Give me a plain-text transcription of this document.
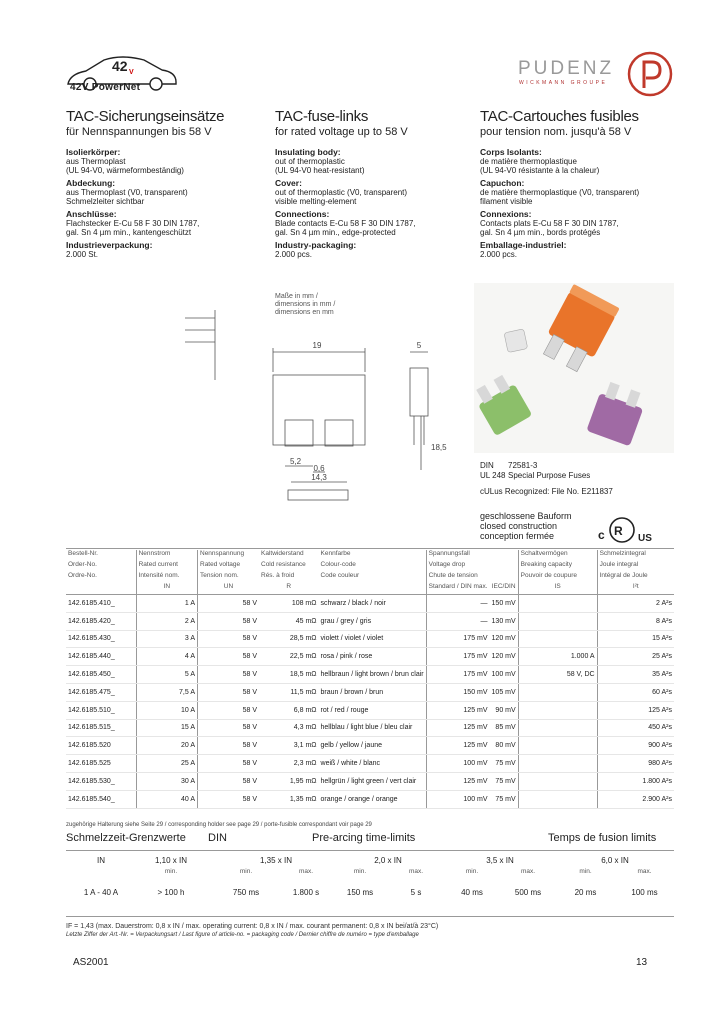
42 V
42V PowerNet
PUDENZ
WICKMANN GROUPE
TAC-Sicherungseinsätze
für Nennspannungen bis 58 V
Isolierkörper:
aus Thermoplast
(UL 94-V0, wärmeformbeständig)
Abdeckung:
aus Thermoplast (V0, transparent)
Schmelzleiter sichtbar
Anschlüsse:
Flachstecker E-Cu 58 F 30 DIN 1787,
gal. Sn 4 µm min., kantengeschützt
Industrieverpackung:
2.000 St.
TAC-fuse-links
for rated voltage up to 58 V
Insulating body:
out of thermoplastic
(UL 94-V0 heat-resistant)
Cover:
out of thermoplastic (V0, transparent)
visible melting-element
Connections:
Blade contacts E-Cu 58 F 30 DIN 1787,
gal. Sn 4 µm min., edge-protected
Industry-packaging:
2.000 pcs.
TAC-Cartouches fusibles
pour tension nom. jusqu'à 58 V
Corps Isolants:
de matière thermoplastique
(UL 94-V0 résistante à la chaleur)
Capuchon:
de matière thermoplastique (V0, transparent)
filament visible
Connexions:
Contacts plats E-Cu 58 F 30 DIN 1787,
gal. Sn 4 µm min., bords protégés
Emballage-industriel:
2.000 pcs.
Maße in mm /
dimensions in mm /
dimensions en mm
19	5
5,2
14,3
0,6
18,5
DIN 72581-3
UL 248 Special Purpose Fuses
cULus Recognized: File No. E211837
geschlossene Bauform
closed construction
conception fermée	c R
US
Bestell-Nr.	Nennstrom	Nennspannung	Kaltwiderstand	Kennfarbe	Spannungsfall		Schaltvermögen	Schmelzintegral
Order-No.	Rated current	Rated voltage	Cold resistance	Colour-code	Voltage drop		Breaking capacity	Joule integral
Ordre-No.	Intensité nom.	Tension nom.	Rés. à froid	Code couleur	Chute de tension		Pouvoir de coupure	Intégral de Joule
	IN	UN	R		Standard / DIN max.	IEC/DIN	IS	I²t
142.6185.410_	1 A	58 V	108 mΩ	schwarz / black / noir	—	150 mV		2 A²s
142.6185.420_	2 A	58 V	45 mΩ	grau / grey / gris	—	130 mV		8 A²s
142.6185.430_	3 A	58 V	28,5 mΩ	violett / violet / violet	175 mV	120 mV		15 A²s
142.6185.440_	4 A	58 V	22,5 mΩ	rosa / pink / rose	175 mV	120 mV	1.000 A	25 A²s
142.6185.450_	5 A	58 V	18,5 mΩ	hellbraun / light brown / brun clair	175 mV	100 mV	58 V, DC	35 A²s
142.6185.475_	7,5 A	58 V	11,5 mΩ	braun / brown / brun	150 mV	105 mV		60 A²s
142.6185.510_	10 A	58 V	6,8 mΩ	rot / red / rouge	125 mV	90 mV		125 A²s
142.6185.515_	15 A	58 V	4,3 mΩ	hellblau / light blue / bleu clair	125 mV	85 mV		450 A²s
142.6185.520	20 A	58 V	3,1 mΩ	gelb / yellow / jaune	125 mV	80 mV		900 A²s
142.6185.525	25 A	58 V	2,3 mΩ	weiß / white / blanc	100 mV	75 mV		980 A²s
142.6185.530_	30 A	58 V	1,95 mΩ	hellgrün / light green / vert clair	125 mV	75 mV		1.800 A²s
142.6185.540_	40 A	58 V	1,35 mΩ	orange / orange / orange	100 mV	75 mV		2.900 A²s
zugehörige Halterung siehe Seite 29 / corresponding holder see page 29 / porte-fusible correspondant voir page 29
Schmelzzeit-Grenzwerte DIN	Pre-arcing time-limits	Temps de fusion limits
IN	1,10 x IN	1,35 x IN	2,0 x IN	3,5 x IN	6,0 x IN
min.	min.	max.	min.	max.	min.	max.	min.	max.
1 A - 40 A	> 100 h	750 ms	1.800 s	150 ms	5 s	40 ms	500 ms	20 ms	100 ms
IF = 1,43 (max. Dauerstrom: 0,8 x IN / max. operating current: 0,8 x IN / max. courant permanent: 0,8 x IN bei/at/à 23°C)
Letzte Ziffer der Art.-Nr. = Verpackungsart / Last figure of article-no. = packaging code / Dernier chiffre de numéro = type d'emballage
AS2001	13
